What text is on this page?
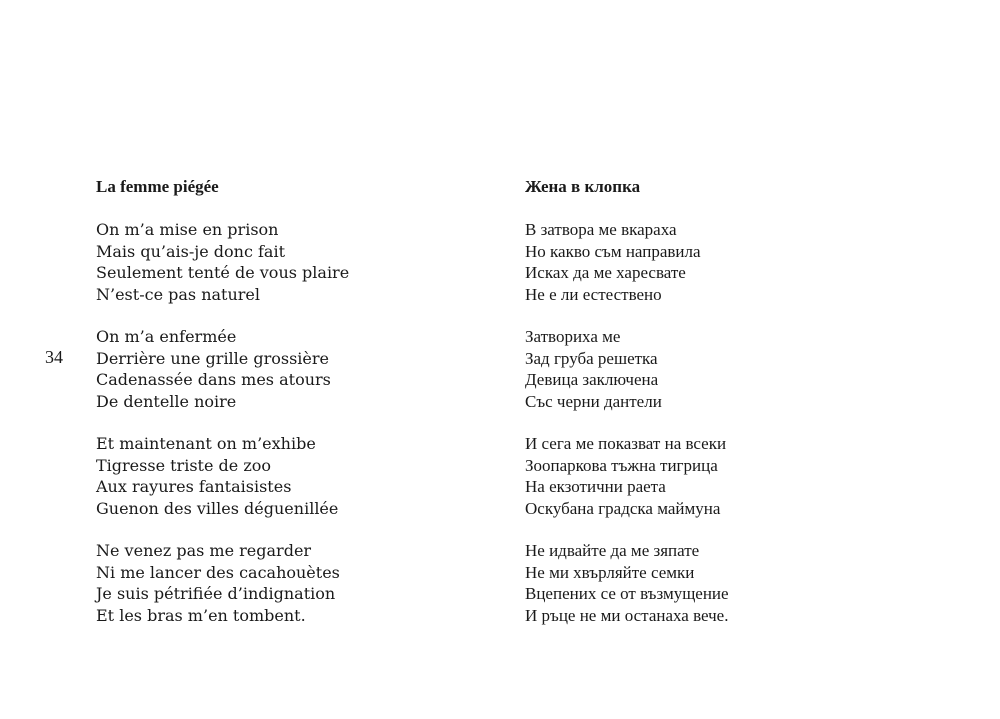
34
La femme piégée
On m’a mise en prison
Mais qu’ais-je donc fait
Seulement tenté de vous plaire
N’est-ce pas naturel
On m’a enfermée
Derrière une grille grossière
Cadenassée dans mes atours
De dentelle noire
Et maintenant on m’exhibe
Tigresse triste de zoo
Aux rayures fantaisistes
Guenon des villes déguenillée
Ne venez pas me regarder
Ni me lancer des cacahouètes
Je suis pétrifiée d’indignation
Et les bras m’en tombent.
Жена в клопка
В затвора ме вкараха
Но какво съм направила
Исках да ме харесвате
Не е ли естествено
Затвориха ме
Зад груба решетка
Девица заключена
Със черни дантели
И сега ме показват на всеки
Зоопаркова тъжна тигрица
На екзотични раета
Оскубана градска маймуна
Не идвайте да ме зяпате
Не ми хвърляйте семки
Вцепених се от възмущение
И ръце не ми останаха вече.
